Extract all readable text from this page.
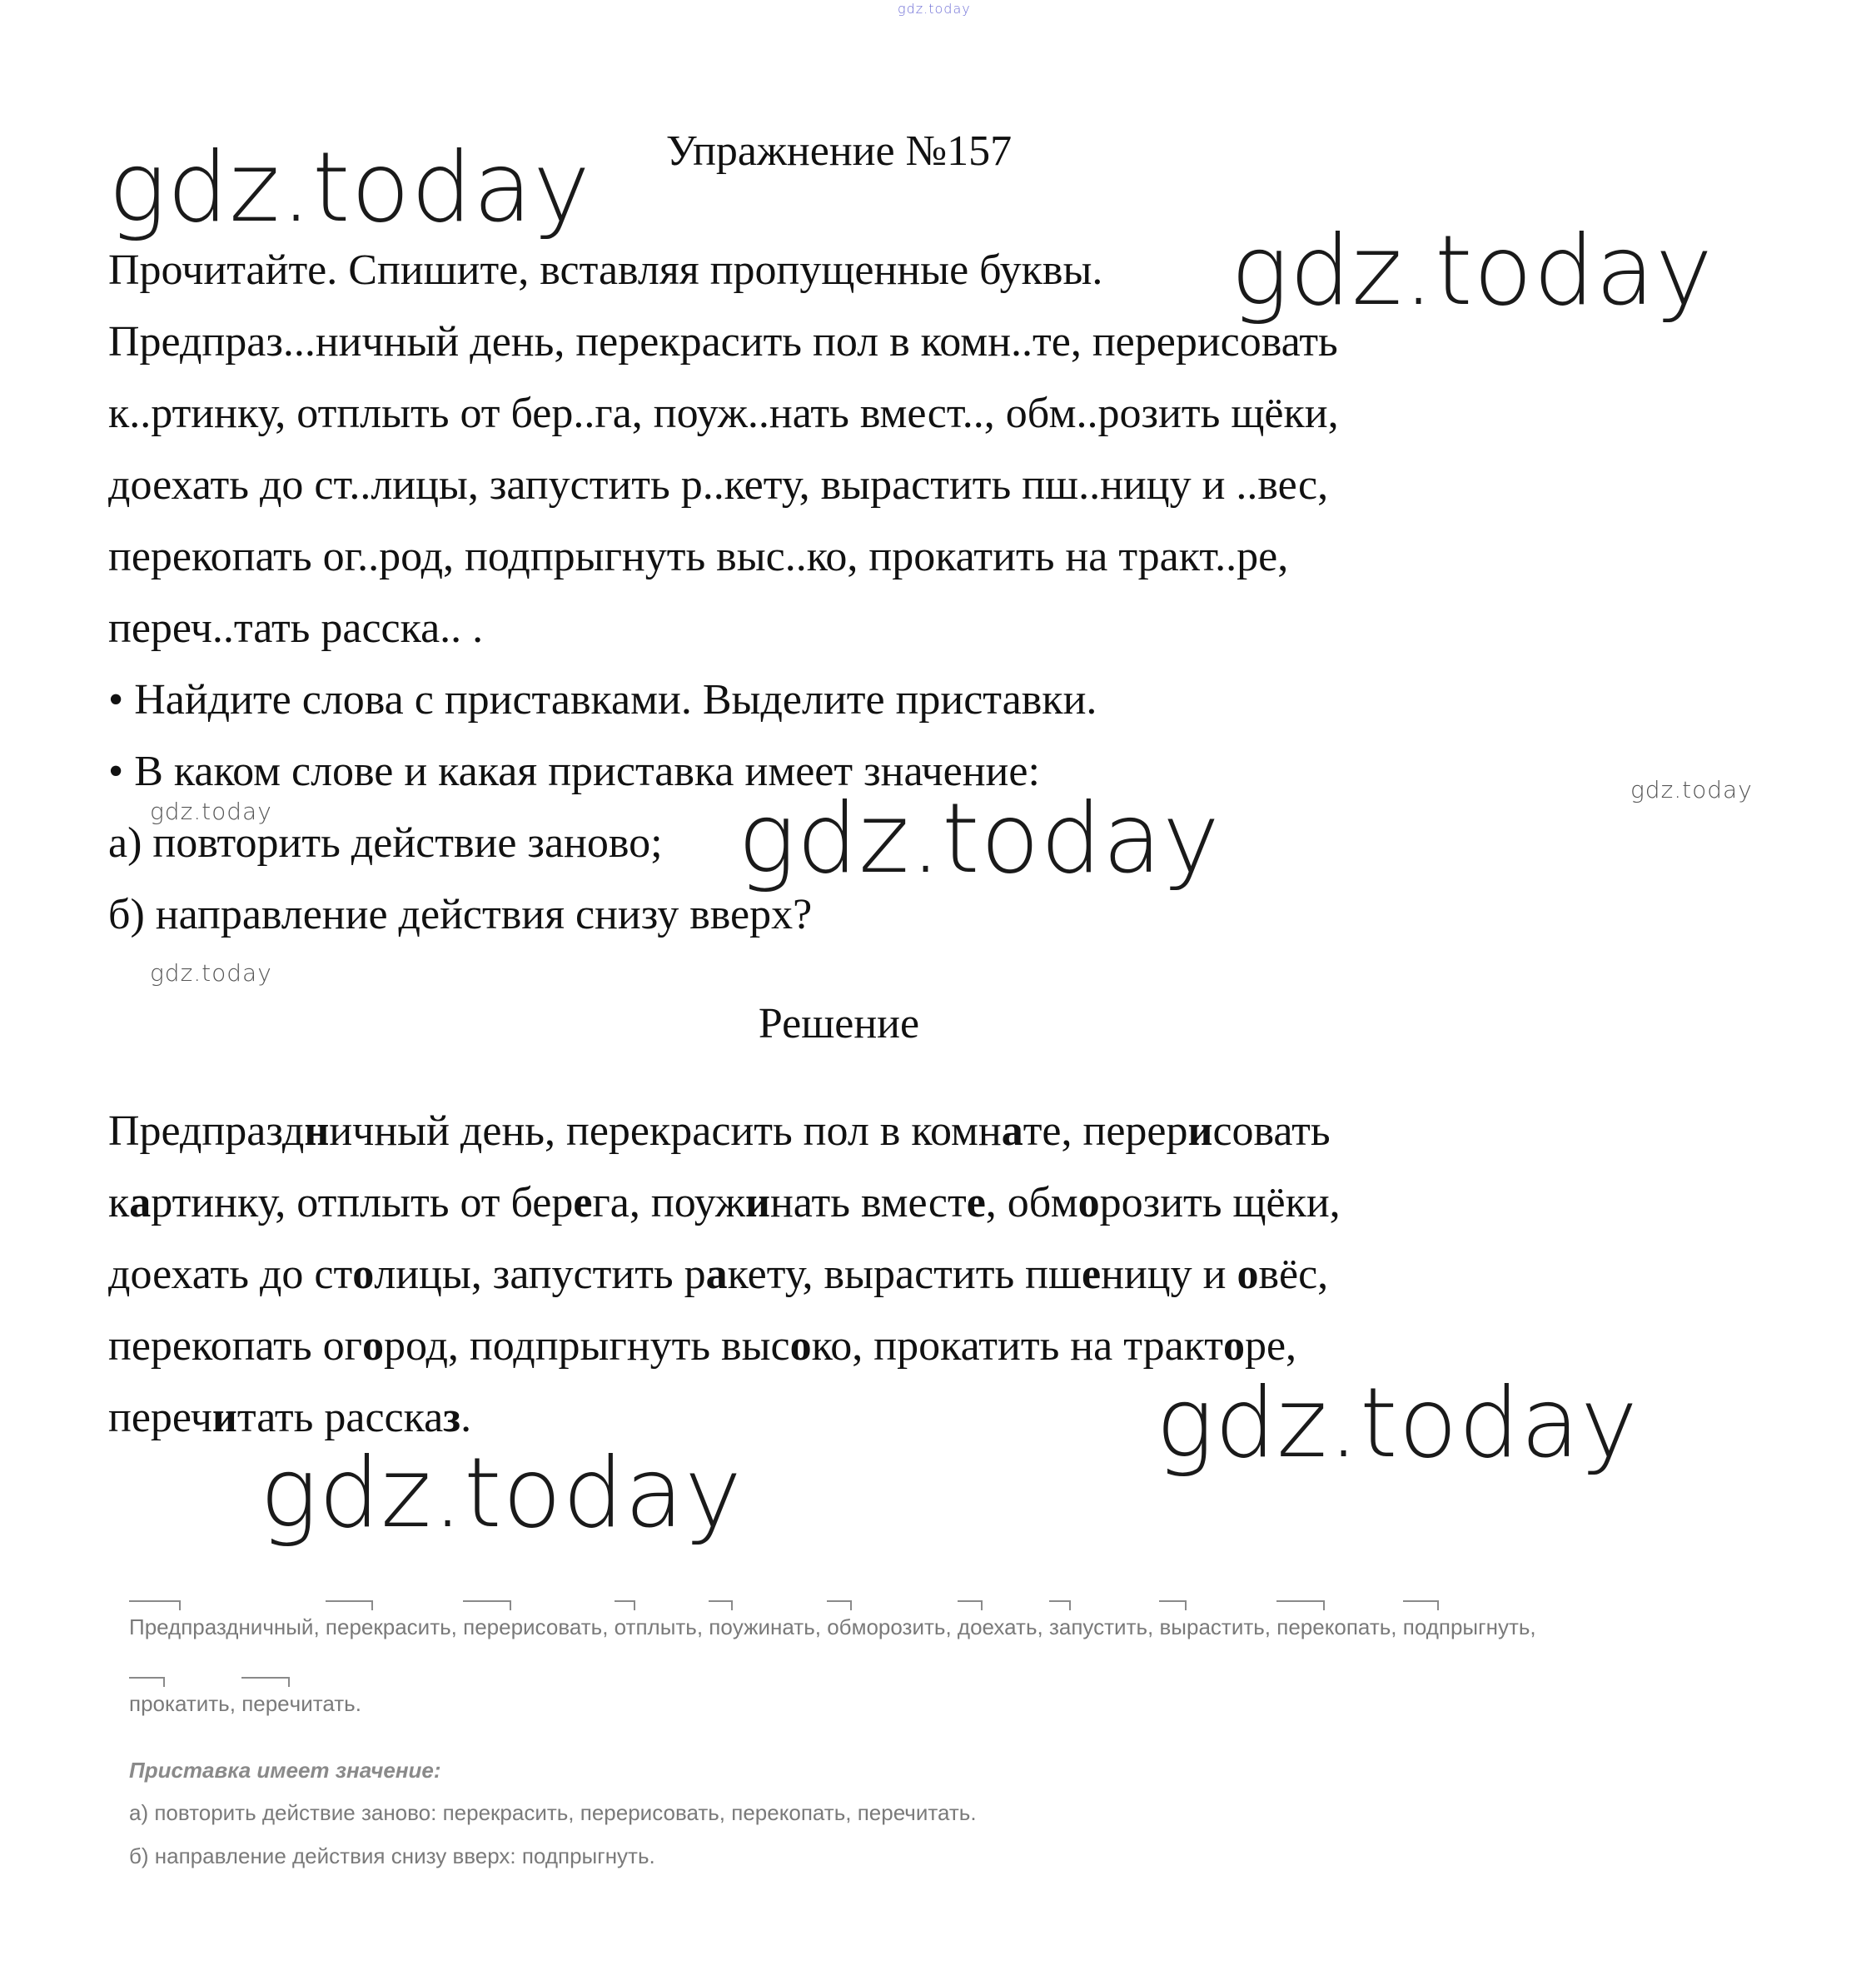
gdz.today
Упражнение №157
gdz.today
Прочитайте. Спишите, вставляя пропущенные буквы.
Предпраз...ничный день, перекрасить пол в комн..те, перерисовать
к..ртинку, отплыть от бер..га, поуж..нать вмест.., обм..розить щёки,
доехать до ст..лицы, запустить р..кету, вырастить пш..ницу и ..вес,
перекопать ог..род, подпрыгнуть выс..ко, прокатить на тракт..ре,
переч..тать расска.. .
• Найдите слова с приставками. Выделите приставки.
• В каком слове и какая приставка имеет значение:
а) повторить действие заново;
б) направление действия снизу вверх?
gdz.today
gdz.today
gdz.today	gdz.today
gdz.today
Решение
Предпраздничный день, перекрасить пол в комнате, перерисовать
картинку, отплыть от берега, поужинать вместе, обморозить щёки,
доехать до столицы, запустить ракету, вырастить пшеницу и овёс,
перекопать огород, подпрыгнуть высоко, прокатить на тракторе,
перечитать рассказ.	gdz.today
gdz.today
Предпраздничный, перекрасить, перерисовать, отплыть, поужинать, обморозить, доехать, запустить, вырастить, перекопать, подпрыгнуть,
прокатить, перечитать.
Приставка имеет значение:
а) повторить действие заново: перекрасить, перерисовать, перекопать, перечитать.
б) направление действия снизу вверх: подпрыгнуть.
